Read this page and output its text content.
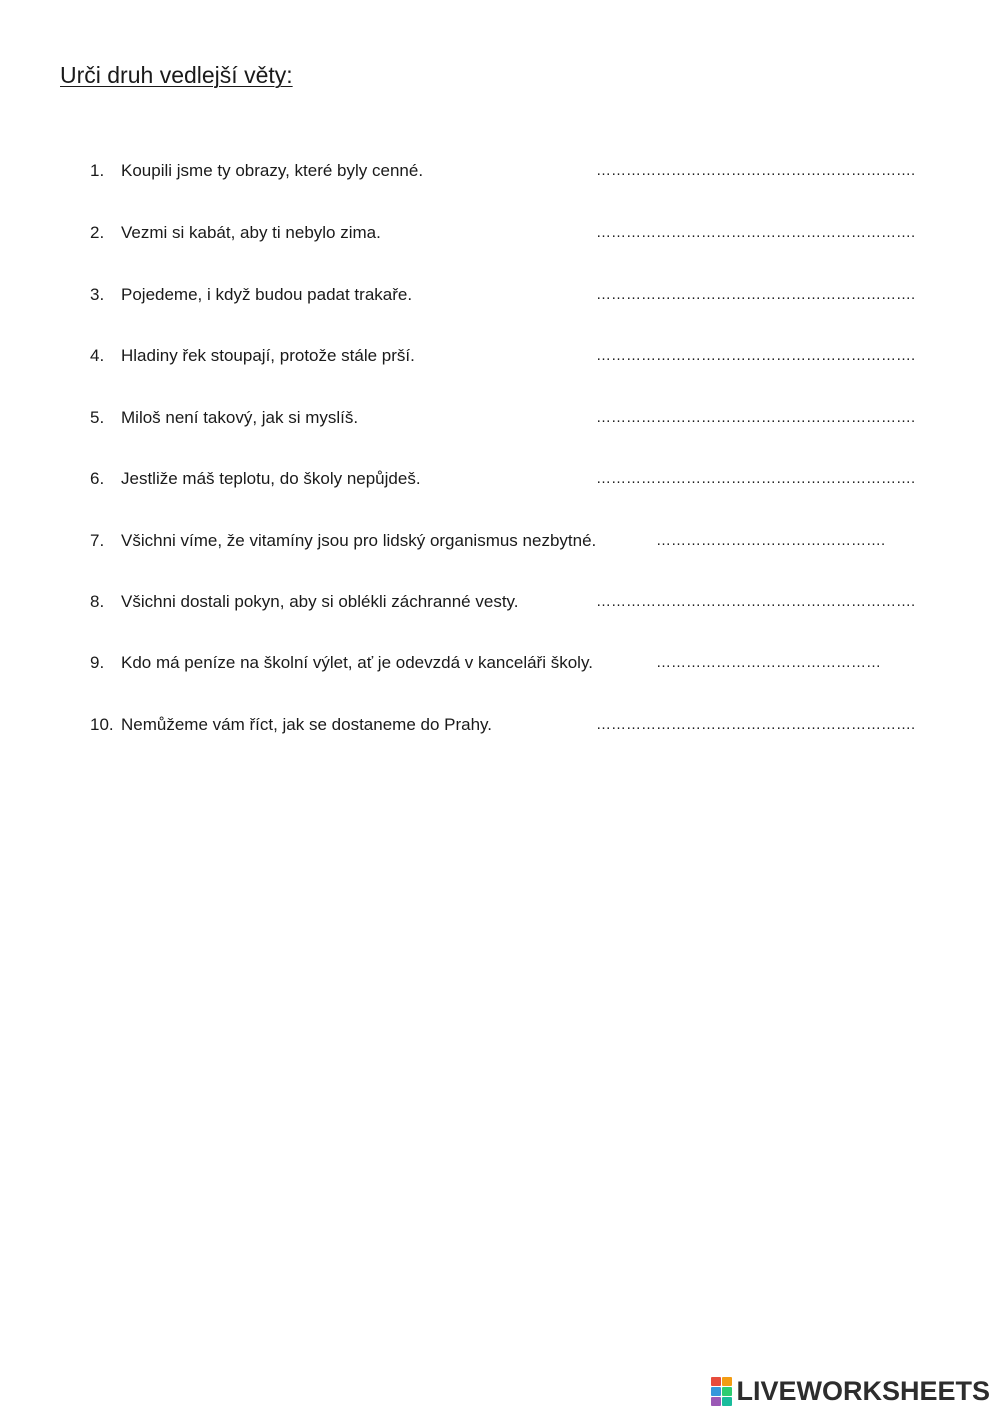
Urči druh vedlejší věty:
1. Koupili jsme ty obrazy, které byly cenné.	……………………………………………………….
2. Vezmi si kabát, aby ti nebylo zima.	……………………………………………………….
3. Pojedeme, i když budou padat trakaře.	……………………………………………………….
4. Hladiny řek stoupají, protože stále prší.	……………………………………………………….
5. Miloš není takový, jak si myslíš.	……………………………………………………….
6. Jestliže máš teplotu, do školy nepůjdeš.	……………………………………………………….
7. Všichni víme, že vitamíny jsou pro lidský organismus nezbytné.	……………………………………….
8. Všichni dostali pokyn, aby si oblékli záchranné vesty.	……………………………………………………….
9. Kdo má peníze na školní výlet, ať je odevzdá v kanceláři školy.	………………………………………
10. Nemůžeme vám říct, jak se dostaneme do Prahy.	……………………………………………………….
LIVEWORKSHEETS
